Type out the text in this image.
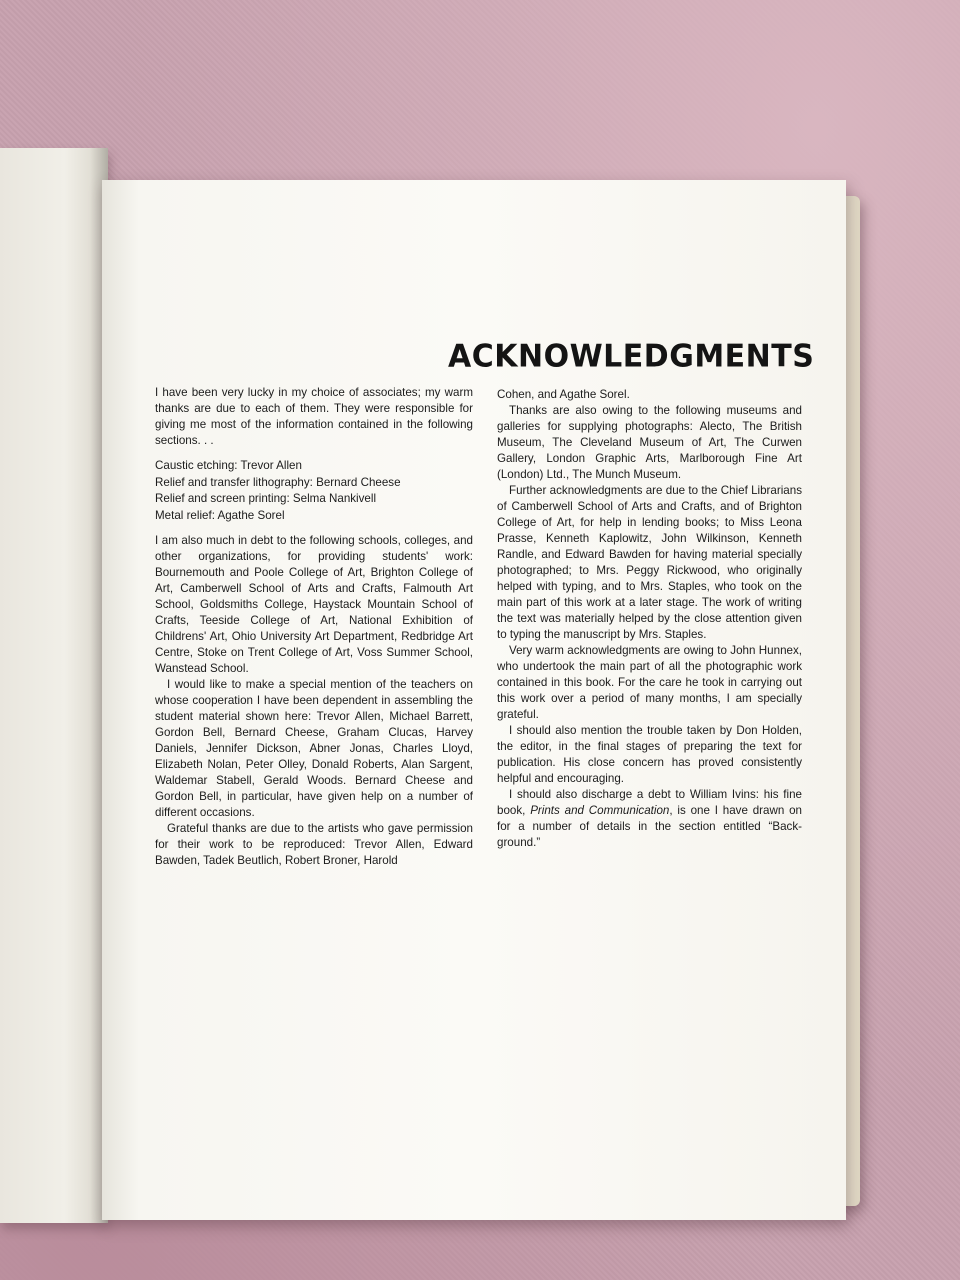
ACKNOWLEDGMENTS

I have been very lucky in my choice of associates; my warm thanks are due to each of them. They were responsible for giving me most of the information contained in the following sections. . .

Caustic etching: Trevor Allen
Relief and transfer lithography: Bernard Cheese
Relief and screen printing: Selma Nankivell
Metal relief: Agathe Sorel

I am also much in debt to the following schools, colleges, and other organizations, for providing students' work: Bournemouth and Poole College of Art, Brighton College of Art, Camberwell School of Arts and Crafts, Falmouth Art School, Goldsmiths College, Haystack Mountain School of Crafts, Teeside College of Art, National Exhibition of Childrens' Art, Ohio University Art Department, Redbridge Art Centre, Stoke on Trent College of Art, Voss Summer School, Wanstead School.

I would like to make a special mention of the teachers on whose cooperation I have been dependent in assembling the student material shown here: Trevor Allen, Michael Barrett, Gordon Bell, Bernard Cheese, Graham Clucas, Harvey Daniels, Jennifer Dickson, Abner Jonas, Charles Lloyd, Elizabeth Nolan, Peter Olley, Donald Roberts, Alan Sargent, Waldemar Stabell, Gerald Woods. Bernard Cheese and Gordon Bell, in particular, have given help on a number of different occasions.

Grateful thanks are due to the artists who gave permission for their work to be reproduced: Trevor Allen, Edward Bawden, Tadek Beutlich, Robert Broner, Harold

Cohen, and Agathe Sorel.

Thanks are also owing to the following museums and galleries for supplying photographs: Alecto, The British Museum, The Cleveland Museum of Art, The Curwen Gallery, London Graphic Arts, Marlborough Fine Art (London) Ltd., The Munch Museum.

Further acknowledgments are due to the Chief Librarians of Camberwell School of Arts and Crafts, and of Brighton College of Art, for help in lending books; to Miss Leona Prasse, Kenneth Kaplowitz, John Wilkinson, Kenneth Randle, and Edward Bawden for having material specially photographed; to Mrs. Peggy Rickwood, who originally helped with typing, and to Mrs. Staples, who took on the main part of this work at a later stage. The work of writing the text was materially helped by the close attention given to typing the manuscript by Mrs. Staples.

Very warm acknowledgments are owing to John Hunnex, who undertook the main part of all the photographic work contained in this book. For the care he took in carrying out this work over a period of many months, I am specially grateful.

I should also mention the trouble taken by Don Holden, the editor, in the final stages of preparing the text for publication. His close concern has proved consistently helpful and encouraging.

I should also discharge a debt to William Ivins: his fine book, Prints and Communication, is one I have drawn on for a number of details in the section entitled “Back-ground.”
